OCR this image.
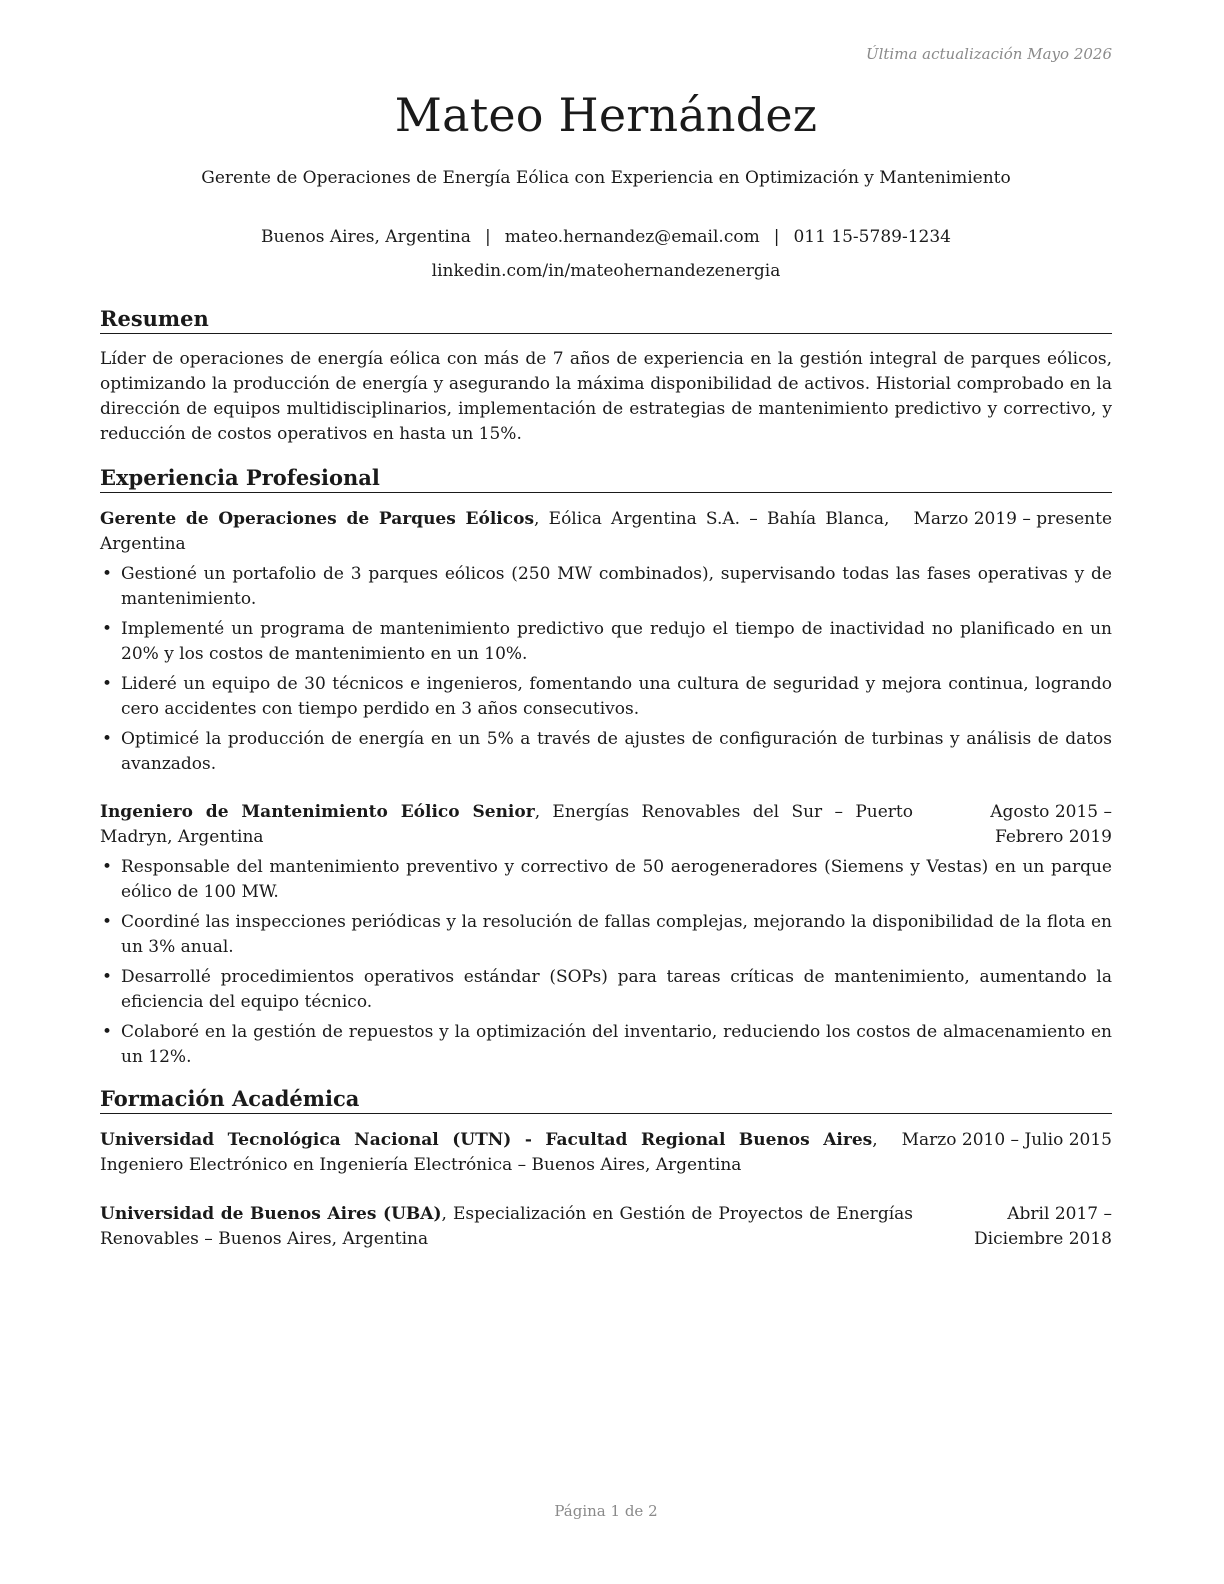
Última actualización Mayo 2026
Mateo Hernández
Gerente de Operaciones de Energía Eólica con Experiencia en Optimización y Mantenimiento
Buenos Aires, Argentina | mateo.hernandez@email.com | 011 15-5789-1234
linkedin.com/in/mateohernandezenergia
Resumen

Líder de operaciones de energía eólica con más de 7 años de experiencia en la gestión integral de parques eólicos, optimizando la producción de energía y asegurando la máxima disponibilidad de activos. Historial comprobado en la dirección de equipos multidisciplinarios, implementación de estrategias de mantenimiento predictivo y correctivo, y reducción de costos operativos en hasta un 15%.

Experiencia Profesional
Marzo 2019 – presente
Gerente de Operaciones de Parques Eólicos, Eólica Argentina S.A. – Bahía Blanca, Argentina
• Gestioné un portafolio de 3 parques eólicos (250 MW combinados), supervisando todas las fases operativas y de mantenimiento.
• Implementé un programa de mantenimiento predictivo que redujo el tiempo de inactividad no planificado en un 20% y los costos de mantenimiento en un 10%.
• Lideré un equipo de 30 técnicos e ingenieros, fomentando una cultura de seguridad y mejora continua, logrando cero accidentes con tiempo perdido en 3 años consecutivos.
• Optimicé la producción de energía en un 5% a través de ajustes de configuración de turbinas y análisis de datos avanzados.
Agosto 2015 – Febrero 2019
Ingeniero de Mantenimiento Eólico Senior, Energías Renovables del Sur – Puerto Madryn, Argentina
• Responsable del mantenimiento preventivo y correctivo de 50 aerogeneradores (Siemens y Vestas) en un parque eólico de 100 MW.
• Coordiné las inspecciones periódicas y la resolución de fallas complejas, mejorando la disponibilidad de la flota en un 3% anual.
• Desarrollé procedimientos operativos estándar (SOPs) para tareas críticas de mantenimiento, aumentando la eficiencia del equipo técnico.
• Colaboré en la gestión de repuestos y la optimización del inventario, reduciendo los costos de almacenamiento en un 12%.
Formación Académica
Marzo 2010 – Julio 2015
Universidad Tecnológica Nacional (UTN) - Facultad Regional Buenos Aires, Ingeniero Electrónico en Ingeniería Electrónica – Buenos Aires, Argentina
Abril 2017 – Diciembre 2018
Universidad de Buenos Aires (UBA), Especialización en Gestión de Proyectos de Energías Renovables – Buenos Aires, Argentina
Página 1 de 2
